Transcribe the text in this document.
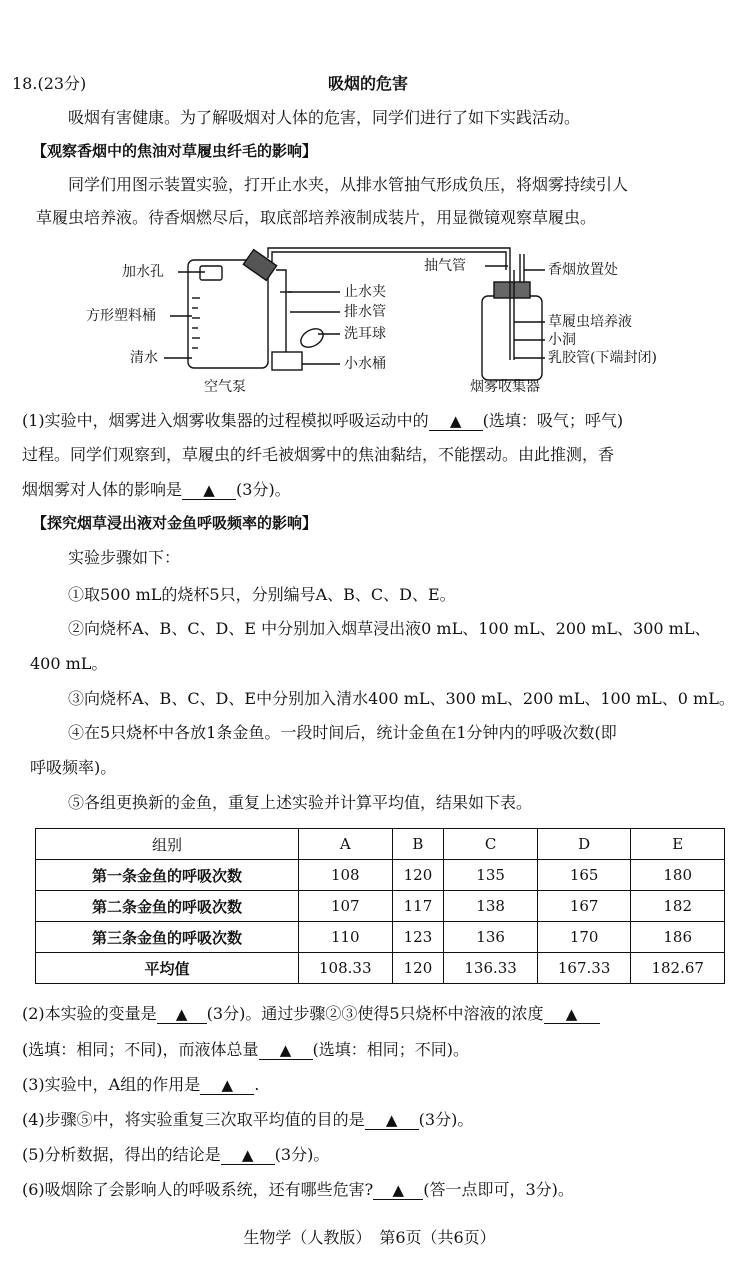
18.(23分)	吸烟的危害
吸烟有害健康。为了解吸烟对人体的危害，同学们进行了如下实践活动。
【观察香烟中的焦油对草履虫纤毛的影响】
同学们用图示装置实验，打开止水夹，从排水管抽气形成负压，将烟雾持续引人
草履虫培养液。待香烟燃尽后，取底部培养液制成装片，用显微镜观察草履虫。
加水孔
方形塑料桶
清水
空气泵
止水夹
排水管
洗耳球
小水桶
抽气管	香烟放置处
草履虫培养液
小洞
乳胶管(下端封闭)
烟雾收集器
(1)实验中，烟雾进入烟雾收集器的过程模拟呼吸运动中的 ▲ (选填：吸气；呼气)
过程。同学们观察到，草履虫的纤毛被烟雾中的焦油黏结，不能摆动。由此推测，香
烟烟雾对人体的影响是 ▲ (3分)。
【探究烟草浸出液对金鱼呼吸频率的影响】
实验步骤如下：
①取500 mL的烧杯5只，分别编号A、B、C、D、E。
②向烧杯A、B、C、D、E 中分别加入烟草浸出液0 mL、100 mL、200 mL、300 mL、
400 mL。
③向烧杯A、B、C、D、E中分别加入清水400 mL、300 mL、200 mL、100 mL、0 mL。
④在5只烧杯中各放1条金鱼。一段时间后，统计金鱼在1分钟内的呼吸次数(即
呼吸频率)。
⑤各组更换新的金鱼，重复上述实验并计算平均值，结果如下表。
组别	A	B	C	D	E
第一条金鱼的呼吸次数	108	120	135	165	180
第二条金鱼的呼吸次数	107	117	138	167	182
第三条金鱼的呼吸次数	110	123	136	170	186
平均值	108.33	120	136.33	167.33	182.67
(2)本实验的变量是 ▲ (3分)。通过步骤②③使得5只烧杯中溶液的浓度 ▲
(选填：相同；不同)，而液体总量 ▲ (选填：相同；不同)。
(3)实验中，A组的作用是 ▲ .
(4)步骤⑤中，将实验重复三次取平均值的目的是 ▲ (3分)。
(5)分析数据，得出的结论是 ▲ (3分)。
(6)吸烟除了会影响人的呼吸系统，还有哪些危害? ▲ (答一点即可，3分)。
生物学（人教版）　第6页（共6页）
